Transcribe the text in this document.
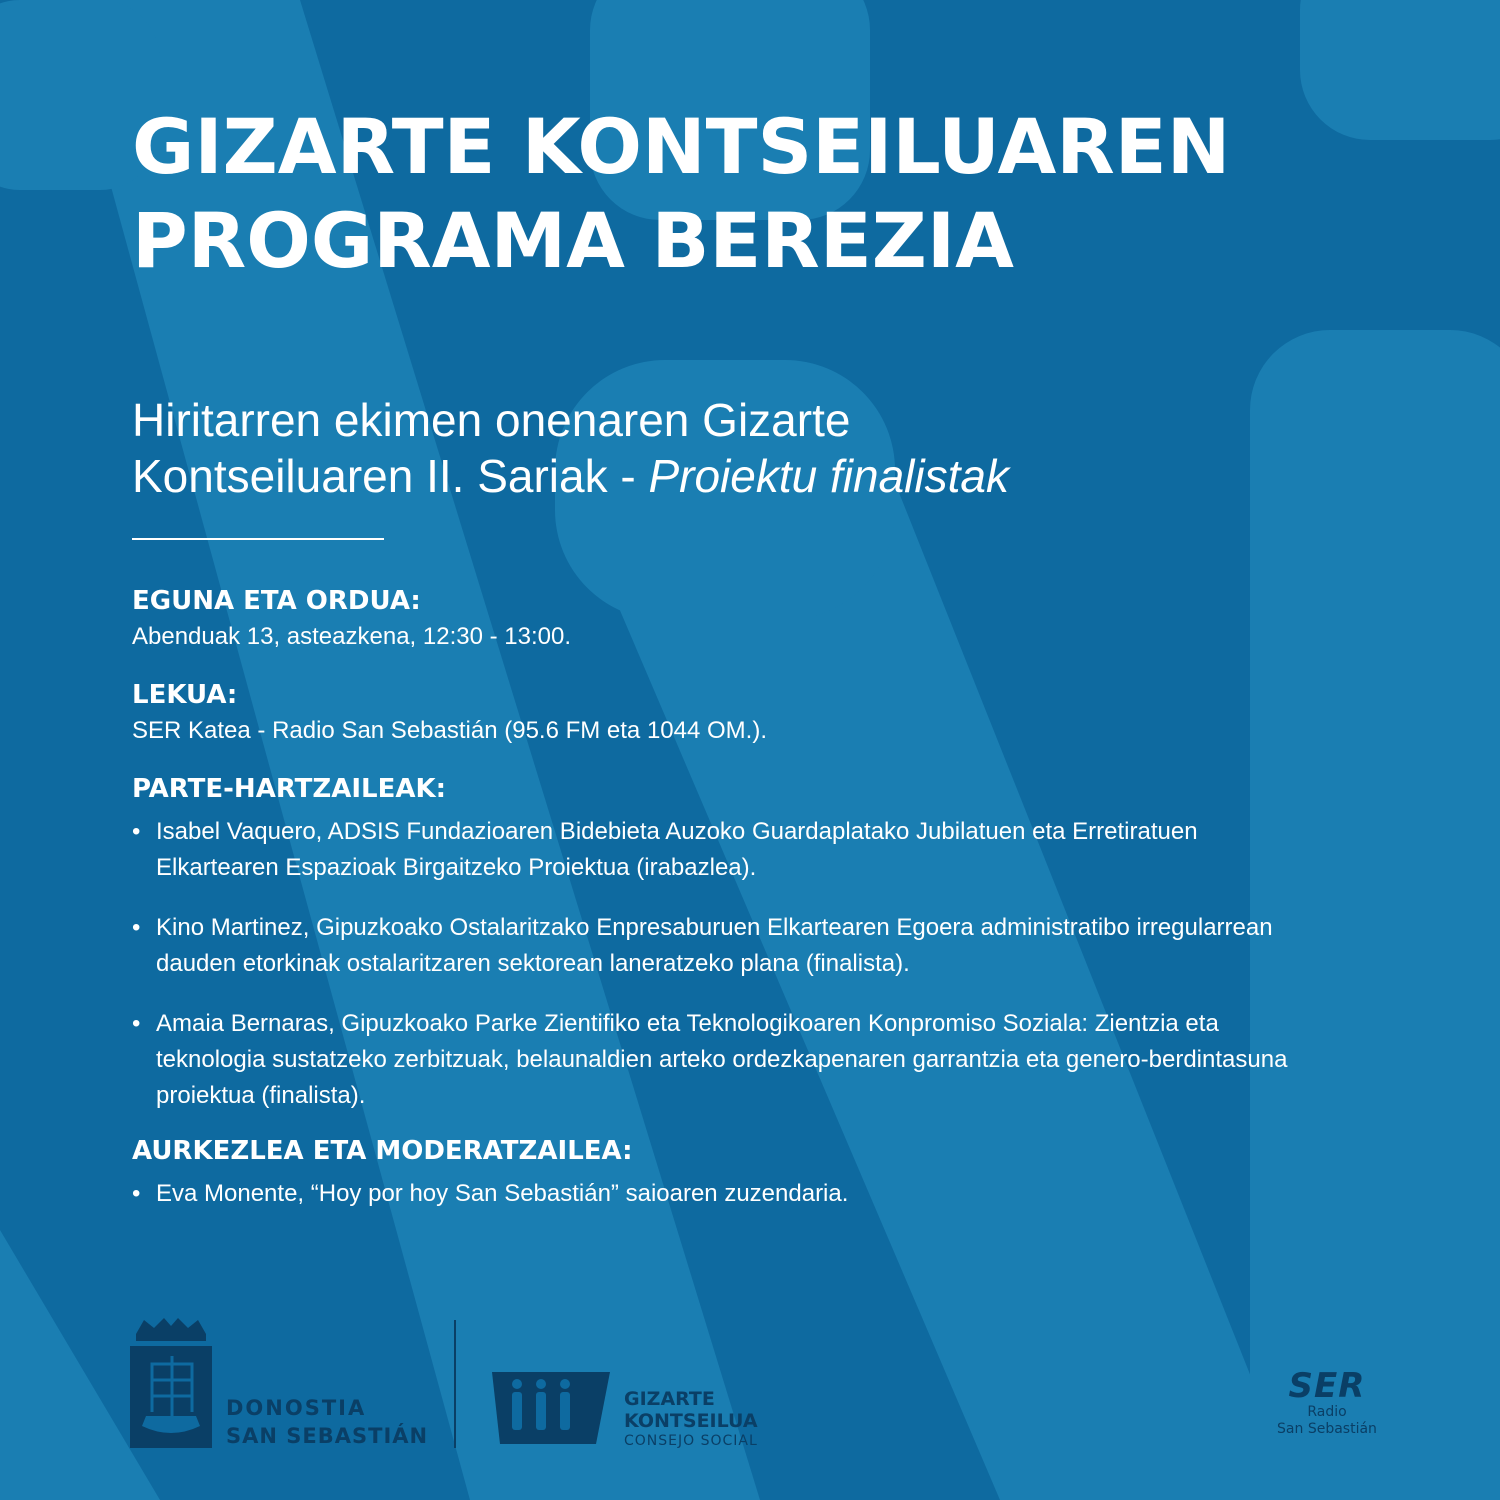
GIZARTE KONTSEILUAREN
PROGRAMA BEREZIA
Hiritarren ekimen onenaren Gizarte
Kontseiluaren II. Sariak - Proiektu finalistak

EGUNA ETA ORDUA:

Abenduak 13, asteazkena, 12:30 - 13:00.

LEKUA:

SER Katea - Radio San Sebastián (95.6 FM eta 1044 OM.).

PARTE-HARTZAILEAK:

• Isabel Vaquero, ADSIS Fundazioaren Bidebieta Auzoko Guardaplatako Jubilatuen eta Erretiratuen Elkartearen Espazioak Birgaitzeko Proiektua (irabazlea).
• Kino Martinez, Gipuzkoako Ostalaritzako Enpresaburuen Elkartearen Egoera administratibo irregularrean dauden etorkinak ostalaritzaren sektorean laneratzeko plana (finalista).
• Amaia Bernaras, Gipuzkoako Parke Zientifiko eta Teknologikoaren Konpromiso Soziala: Zientzia eta teknologia sustatzeko zerbitzuak, belaunaldien arteko ordezkapenaren garrantzia eta genero-berdintasuna proiektua (finalista).

AURKEZLEA ETA MODERATZAILEA:

• Eva Monente, “Hoy por hoy San Sebastián” saioaren zuzendaria.
DONOSTIA
SAN SEBASTIÁN
GIZARTE
KONTSEILUA
CONSEJO SOCIAL
SER
Radio
San Sebastián
